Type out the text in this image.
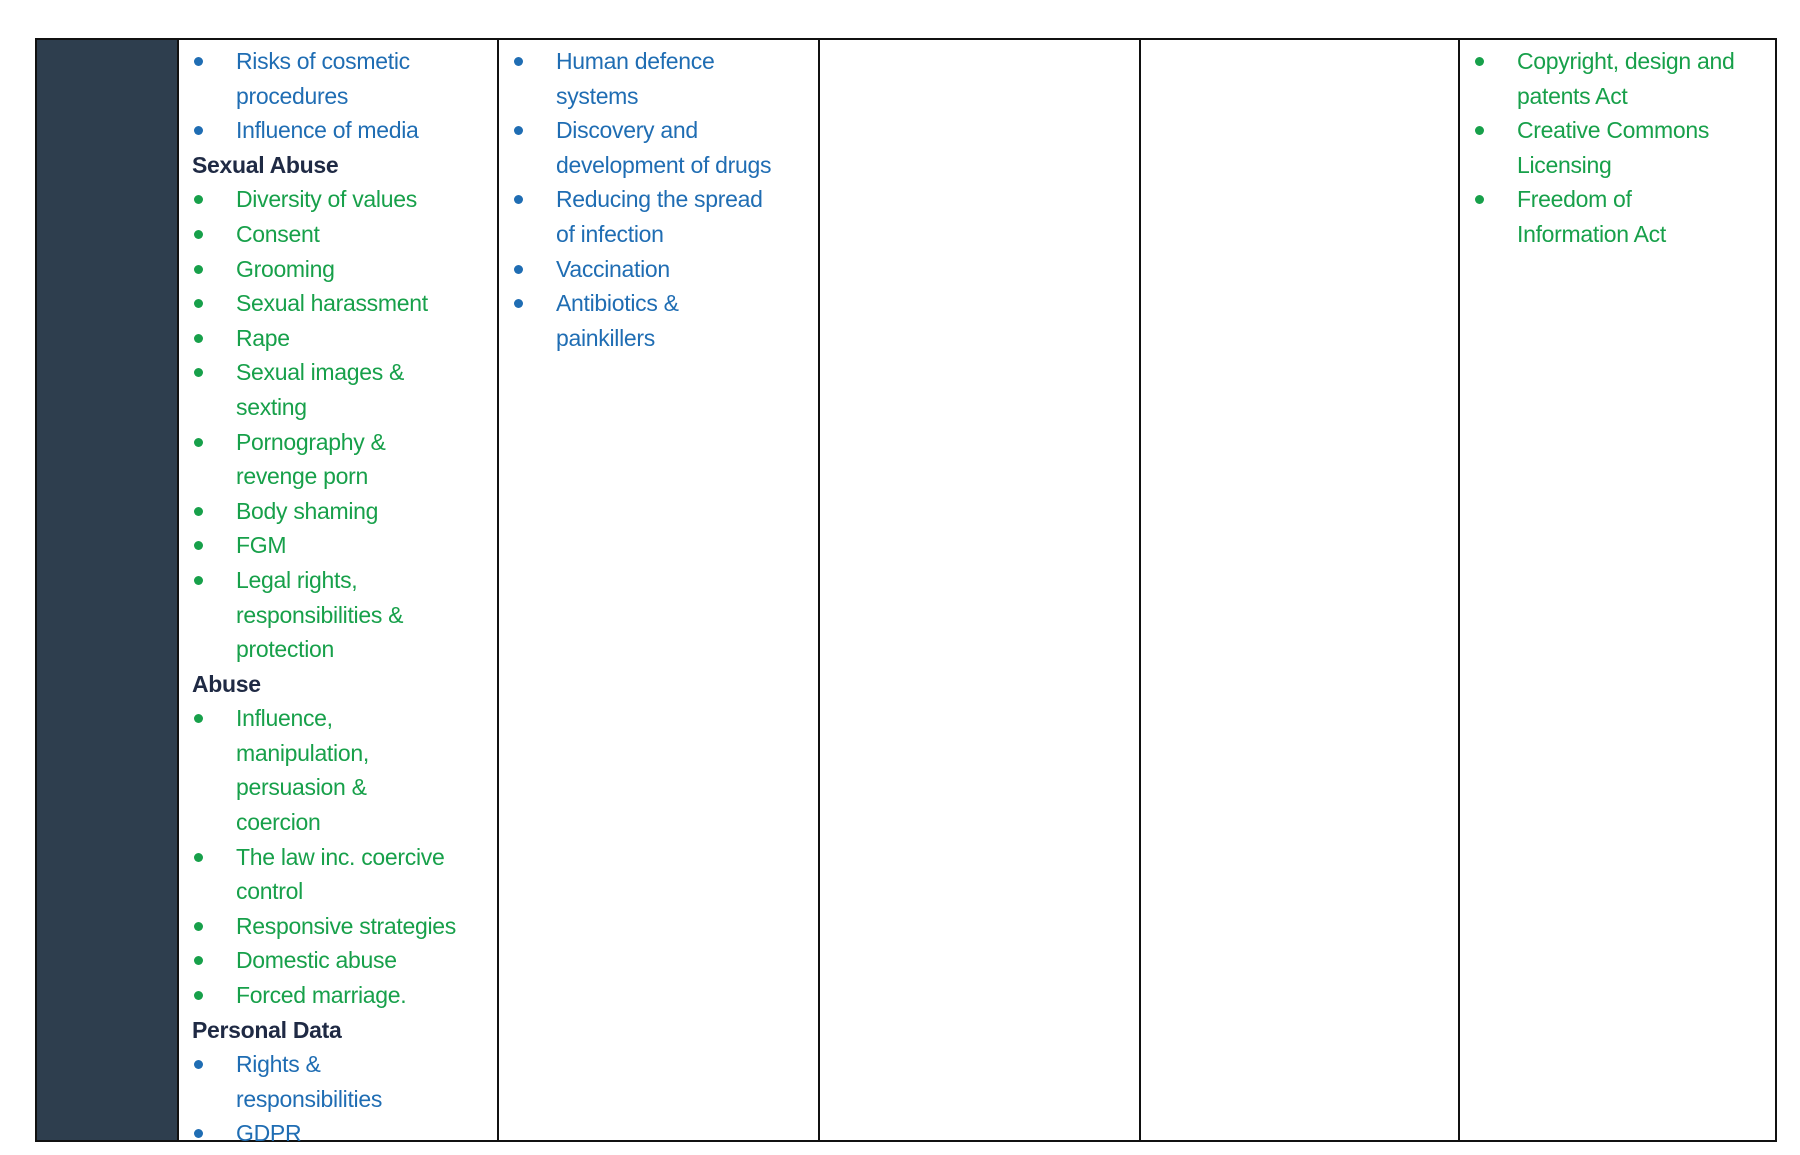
Risks of cosmetic
procedures
Influence of media
Sexual Abuse
Diversity of values
Consent
Grooming
Sexual harassment
Rape
Sexual images &
sexting
Pornography &
revenge porn
Body shaming
FGM
Legal rights,
responsibilities &
protection
Abuse
Influence,
manipulation,
persuasion &
coercion
The law inc. coercive
control
Responsive strategies
Domestic abuse
Forced marriage.
Personal Data
Rights &
responsibilities
GDPR
Human defence
systems
Discovery and
development of drugs
Reducing the spread
of infection
Vaccination
Antibiotics &
painkillers
Copyright, design and
patents Act
Creative Commons
Licensing
Freedom of
Information Act
